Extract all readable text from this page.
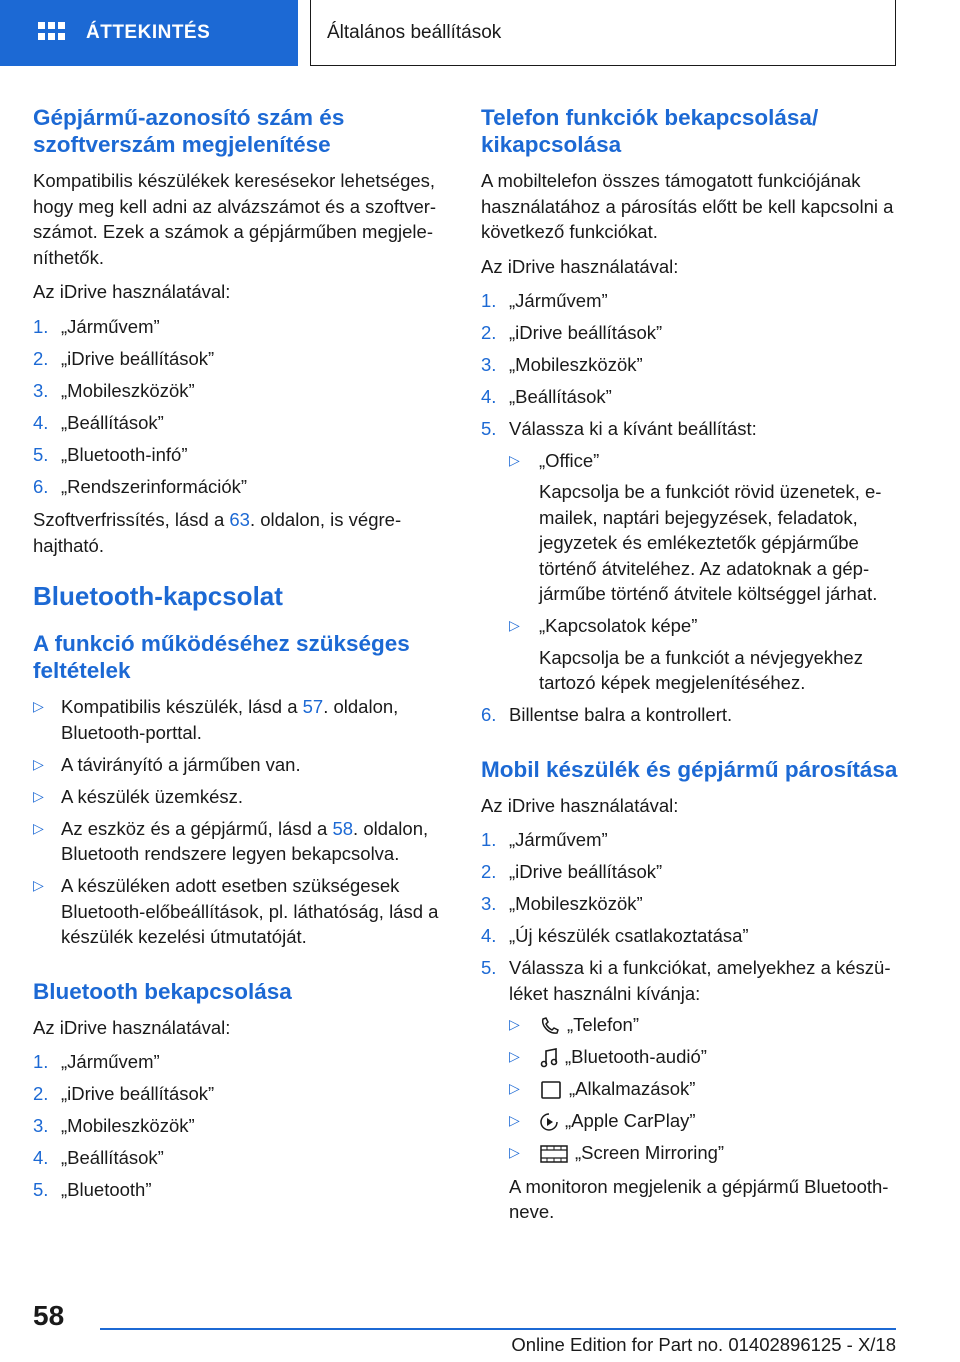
ÁTTEKINTÉS	Általános beállítások
Gépjármű-azonosító szám és szoftverszám megjelenítése

Kompatibilis készülékek keresésekor lehetséges, hogy meg kell adni az alvázszámot és a szoftverszámot. Ezek a számok a gépjárműben megjeleníthetők.

Az iDrive használatával:

1. „Járművem”
2. „iDrive beállítások”
3. „Mobileszközök”
4. „Beállítások”
5. „Bluetooth-infó”
6. „Rendszerinformációk”

Szoftverfrissítés, lásd a 63. oldalon, is végrehajtható.

Bluetooth-kapcsolat
A funkció működéséhez szükséges feltételek
▷ Kompatibilis készülék, lásd a 57. oldalon, Bluetooth-porttal.
▷ A távirányító a járműben van.
▷ A készülék üzemkész.
▷ Az eszköz és a gépjármű, lásd a 58. oldalon, Bluetooth rendszere legyen bekapcsolva.
▷ A készüléken adott esetben szükségesek Bluetooth-előbeállítások, pl. láthatóság, lásd a készülék kezelési útmutatóját.
Bluetooth bekapcsolása

Az iDrive használatával:

1. „Járművem”
2. „iDrive beállítások”
3. „Mobileszközök”
4. „Beállítások”
5. „Bluetooth”
Telefon funkciók bekapcsolása/ kikapcsolása

A mobiltelefon összes támogatott funkciójának használatához a párosítás előtt be kell kapcsolni a következő funkciókat.

Az iDrive használatával:

1. „Járművem”
2. „iDrive beállítások”
3. „Mobileszközök”
4. „Beállítások”
5. Válassza ki a kívánt beállítást:
▷ „Office”
Kapcsolja be a funkciót rövid üzenetek, e-mailek, naptári bejegyzések, feladatok, jegyzetek és emlékeztetők gépjárműbe történő átviteléhez. Az adatoknak a gépjárműbe történő átvitele költséggel járhat.
▷ „Kapcsolatok képe”
Kapcsolja be a funkciót a névjegyekhez tartozó képek megjelenítéséhez.
6. Billentse balra a kontrollert.
Mobil készülék és gépjármű párosítása

Az iDrive használatával:

1. „Járművem”
2. „iDrive beállítások”
3. „Mobileszközök”
4. „Új készülék csatlakoztatása”
5. Válassza ki a funkciókat, amelyekhez a készüléket használni kívánja:
▷	„Telefon”
▷ „Bluetooth-audió”
▷	„Alkalmazások”
▷ „Apple CarPlay”
▷	„Screen Mirroring”
A monitoron megjelenik a gépjármű Bluetooth-neve.
58
Online Edition for Part no. 01402896125 - X/18
